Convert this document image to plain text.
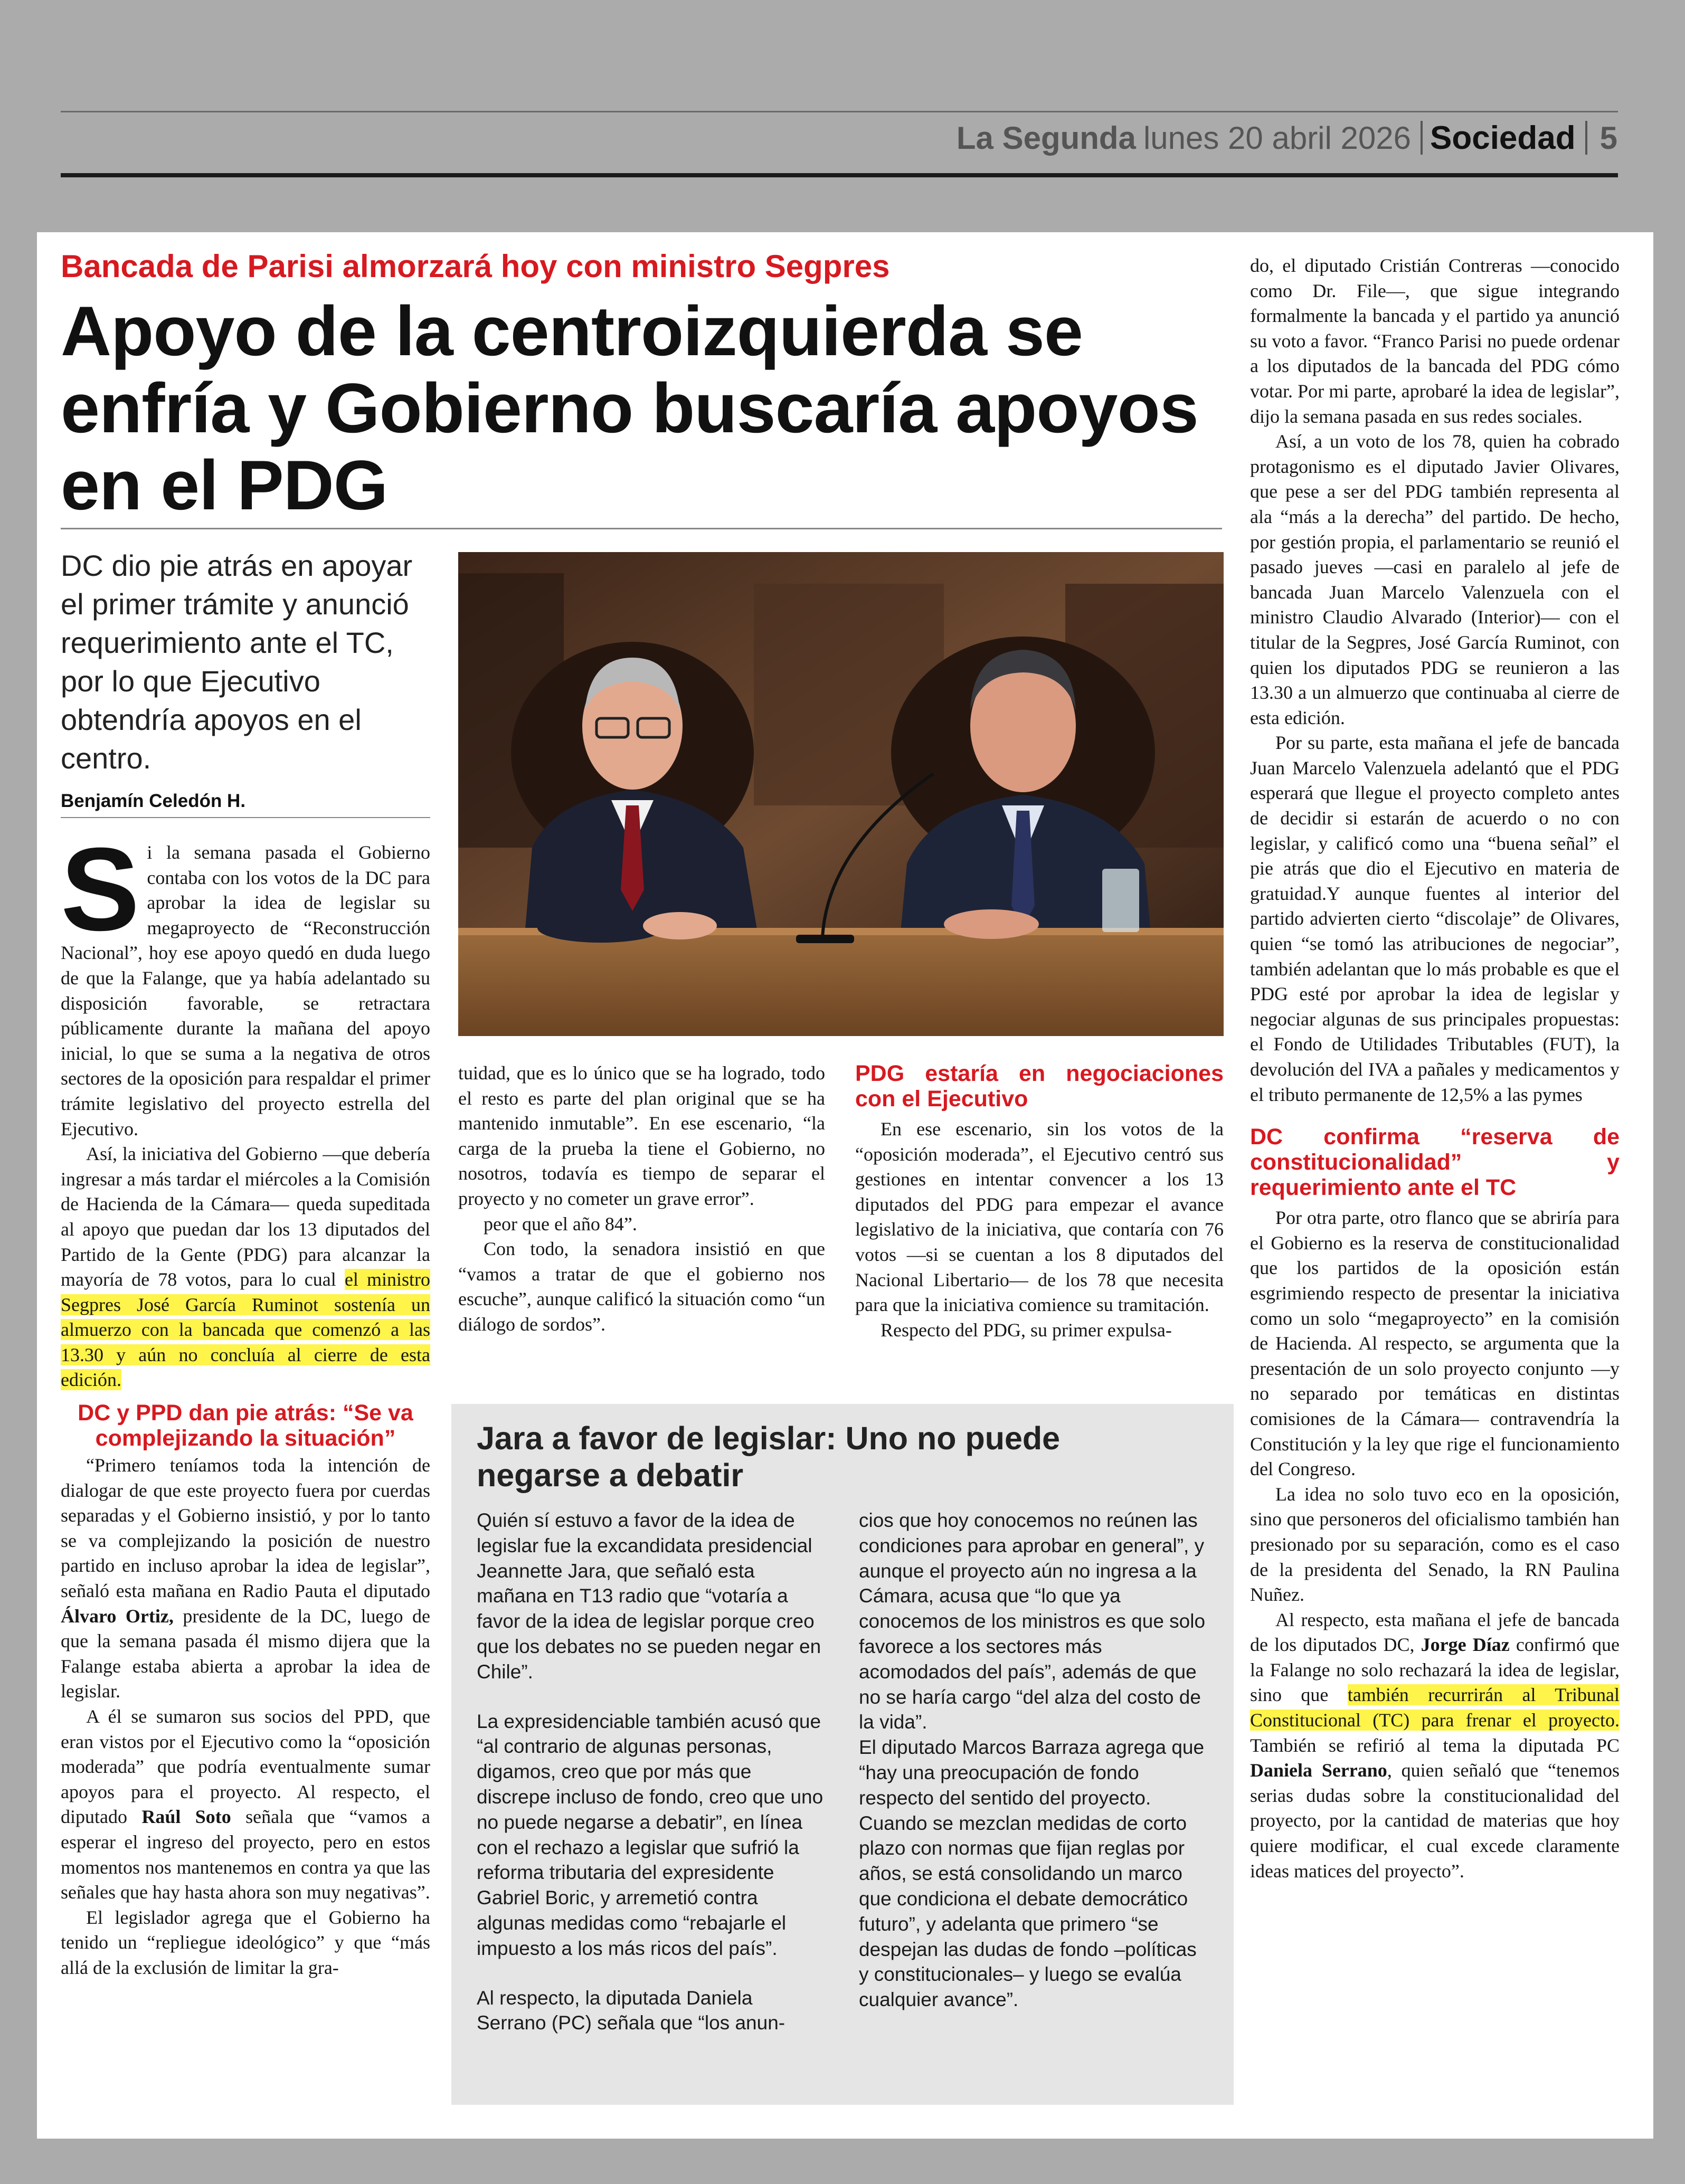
La Segunda lunes 20 abril 2026 Sociedad 5
Bancada de Parisi almorzará hoy con ministro Segpres
Apoyo de la centroizquierda se enfría y Gobierno buscaría apoyos en el PDG
DC dio pie atrás en apoyar el primer trámite y anunció requerimiento ante el TC, por lo que Ejecutivo obtendría apoyos en el centro.
Benjamín Celedón H.
S i la semana pasada el Gobierno contaba con los votos de la DC para aprobar la idea de legislar su megaproyecto de “Reconstrucción Nacional”, hoy ese apoyo quedó en duda luego de que la Falange, que ya había adelantado su disposición favorable, se retractara públicamente durante la mañana del apoyo inicial, lo que se suma a la negativa de otros sectores de la oposición para respaldar el primer trámite legislativo del proyecto estrella del Ejecutivo.

Así, la iniciativa del Gobierno —que debería ingresar a más tardar el miércoles a la Comisión de Hacienda de la Cámara— queda supeditada al apoyo que puedan dar los 13 diputados del Partido de la Gente (PDG) para alcanzar la mayoría de 78 votos, para lo cual el ministro Segpres José García Ruminot sostenía un almuerzo con la bancada que comenzó a las 13.30 y aún no concluía al cierre de esta edición.

DC y PPD dan pie atrás: “Se va complejizando la situación”

“Primero teníamos toda la intención de dialogar de que este proyecto fuera por cuerdas separadas y el Gobierno insistió, y por lo tanto se va complejizando la posición de nuestro partido en incluso aprobar la idea de legislar”, señaló esta mañana en Radio Pauta el diputado Álvaro Ortiz, presidente de la DC, luego de que la semana pasada él mismo dijera que la Falange estaba abierta a aprobar la idea de legislar.

A él se sumaron sus socios del PPD, que eran vistos por el Ejecutivo como la “oposición moderada” que podría eventualmente sumar apoyos para el proyecto. Al respecto, el diputado Raúl Soto señala que “vamos a esperar el ingreso del proyecto, pero en estos momentos nos mantenemos en contra ya que las señales que hay hasta ahora son muy negativas”.

El legislador agrega que el Gobierno ha tenido un “repliegue ideológico” y que “más allá de la exclusión de limitar la gra-

tuidad, que es lo único que se ha logrado, todo el resto es parte del plan original que se ha mantenido inmutable”. En ese escenario, “la carga de la prueba la tiene el Gobierno, no nosotros, todavía es tiempo de separar el proyecto y no cometer un grave error”.

peor que el año 84”.

Con todo, la senadora insistió en que “vamos a tratar de que el gobierno nos escuche”, aunque calificó la situación como “un diálogo de sordos”.

PDG estaría en negociaciones con el Ejecutivo

En ese escenario, sin los votos de la “oposición moderada”, el Ejecutivo centró sus gestiones en intentar convencer a los 13 diputados del PDG para empezar el avance legislativo de la iniciativa, que contaría con 76 votos —si se cuentan a los 8 diputados del Nacional Libertario— de los 78 que necesita para que la iniciativa comience su tramitación.

Respecto del PDG, su primer expulsa-

do, el diputado Cristián Contreras —conocido como Dr. File—, que sigue integrando formalmente la bancada y el partido ya anunció su voto a favor. “Franco Parisi no puede ordenar a los diputados de la bancada del PDG cómo votar. Por mi parte, aprobaré la idea de legislar”, dijo la semana pasada en sus redes sociales.

Así, a un voto de los 78, quien ha cobrado protagonismo es el diputado Javier Olivares, que pese a ser del PDG también representa al ala “más a la derecha” del partido. De hecho, por gestión propia, el parlamentario se reunió el pasado jueves —casi en paralelo al jefe de bancada Juan Marcelo Valenzuela con el ministro Claudio Alvarado (Interior)— con el titular de la Segpres, José García Ruminot, con quien los diputados PDG se reunieron a las 13.30 a un almuerzo que continuaba al cierre de esta edición.

Por su parte, esta mañana el jefe de bancada Juan Marcelo Valenzuela adelantó que el PDG esperará que llegue el proyecto completo antes de decidir si estarán de acuerdo o no con legislar, y calificó como una “buena señal” el pie atrás que dio el Ejecutivo en materia de gratuidad.Y aunque fuentes al interior del partido advierten cierto “discolaje” de Olivares, quien “se tomó las atribuciones de negociar”, también adelantan que lo más probable es que el PDG esté por aprobar la idea de legislar y negociar algunas de sus principales propuestas: el Fondo de Utilidades Tributables (FUT), la devolución del IVA a pañales y medicamentos y el tributo permanente de 12,5% a las pymes

DC confirma “reserva de constitucionalidad” y requerimiento ante el TC

Por otra parte, otro flanco que se abriría para el Gobierno es la reserva de constitucionalidad que los partidos de la oposición están esgrimiendo respecto de presentar la iniciativa como un solo “megaproyecto” en la comisión de Hacienda. Al respecto, se argumenta que la presentación de un solo proyecto conjunto —y no separado por temáticas en distintas comisiones de la Cámara— contravendría la Constitución y la ley que rige el funcionamiento del Congreso.

La idea no solo tuvo eco en la oposición, sino que personeros del oficialismo también han presionado por su separación, como es el caso de la presidenta del Senado, la RN Paulina Nuñez.

Al respecto, esta mañana el jefe de bancada de los diputados DC, Jorge Díaz confirmó que la Falange no solo rechazará la idea de legislar, sino que también recurrirán al Tribunal Constitucional (TC) para frenar el proyecto. También se refirió al tema la diputada PC Daniela Serrano, quien señaló que “tenemos serias dudas sobre la constitucionalidad del proyecto, por la cantidad de materias que hoy quiere modificar, el cual excede claramente ideas matices del proyecto”.

Jara a favor de legislar: Uno no puede negarse a debatir

Quién sí estuvo a favor de la idea de legislar fue la excandidata presidencial Jeannette Jara, que señaló esta mañana en T13 radio que “votaría a favor de la idea de legislar porque creo que los debates no se pueden negar en Chile”.

La expresidenciable también acusó que “al contrario de algunas personas, digamos, creo que por más que discrepe incluso de fondo, creo que uno no puede negarse a debatir”, en línea con el rechazo a legislar que sufrió la reforma tributaria del expresidente Gabriel Boric, y arremetió contra algunas medidas como “rebajarle el impuesto a los más ricos del país”.

Al respecto, la diputada Daniela Serrano (PC) señala que “los anun-

cios que hoy conocemos no reúnen las condiciones para aprobar en general”, y aunque el proyecto aún no ingresa a la Cámara, acusa que “lo que ya conocemos de los ministros es que solo favorece a los sectores más acomodados del país”, además de que no se haría cargo “del alza del costo de la vida”.

El diputado Marcos Barraza agrega que “hay una preocupación de fondo respecto del sentido del proyecto. Cuando se mezclan medidas de corto plazo con normas que fijan reglas por años, se está consolidando un marco que condiciona el debate democrático futuro”, y adelanta que primero “se despejan las dudas de fondo –políticas y constitucionales– y luego se evalúa cualquier avance”.
